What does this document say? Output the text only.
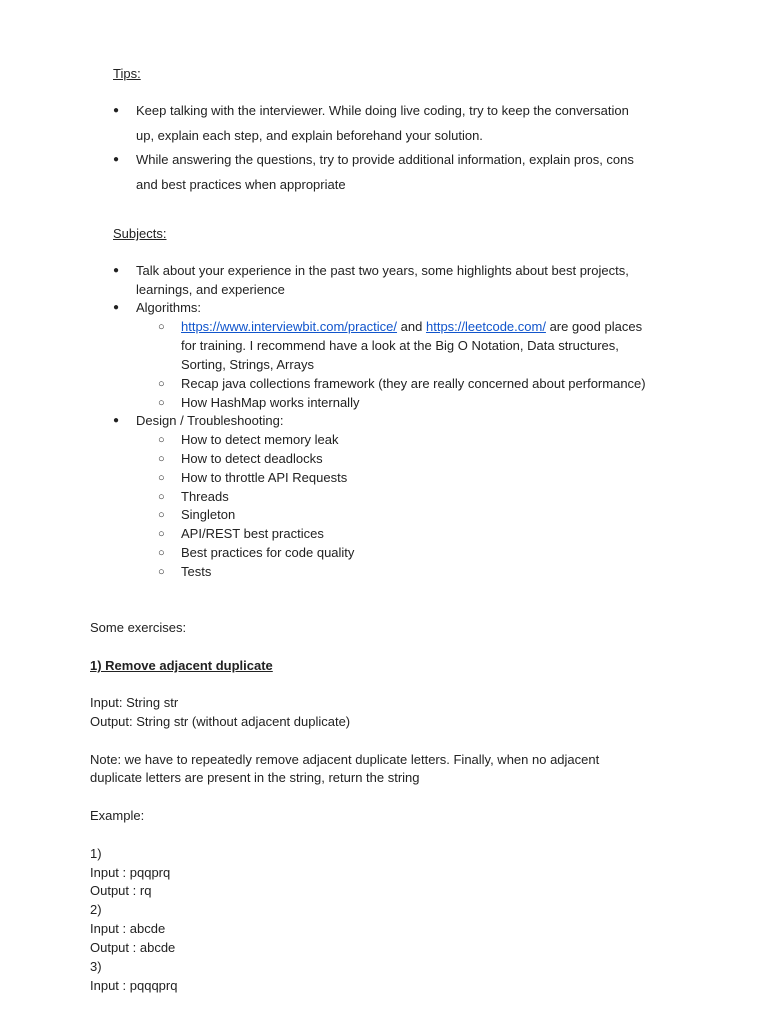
Tips:
● Keep talking with the interviewer. While doing live coding, try to keep the conversation
up, explain each step, and explain beforehand your solution.
● While answering the questions, try to provide additional information, explain pros, cons
and best practices when appropriate
Subjects:
● Talk about your experience in the past two years, some highlights about best projects,
learnings, and experience
● Algorithms:
○ https://www.interviewbit.com/practice/ and https://leetcode.com/ are good places
for training. I recommend have a look at the Big O Notation, Data structures,
Sorting, Strings, Arrays
○ Recap java collections framework (they are really concerned about performance)
○ How HashMap works internally
● Design / Troubleshooting:
○ How to detect memory leak
○ How to detect deadlocks
○ How to throttle API Requests
○ Threads
○ Singleton
○ API/REST best practices
○ Best practices for code quality
○ Tests
Some exercises:
1) Remove adjacent duplicate
Input: String str
Output: String str (without adjacent duplicate)
Note: we have to repeatedly remove adjacent duplicate letters. Finally, when no adjacent
duplicate letters are present in the string, return the string
Example:
1)
Input : pqqprq
Output : rq
2)
Input : abcde
Output : abcde
3)
Input : pqqqprq
